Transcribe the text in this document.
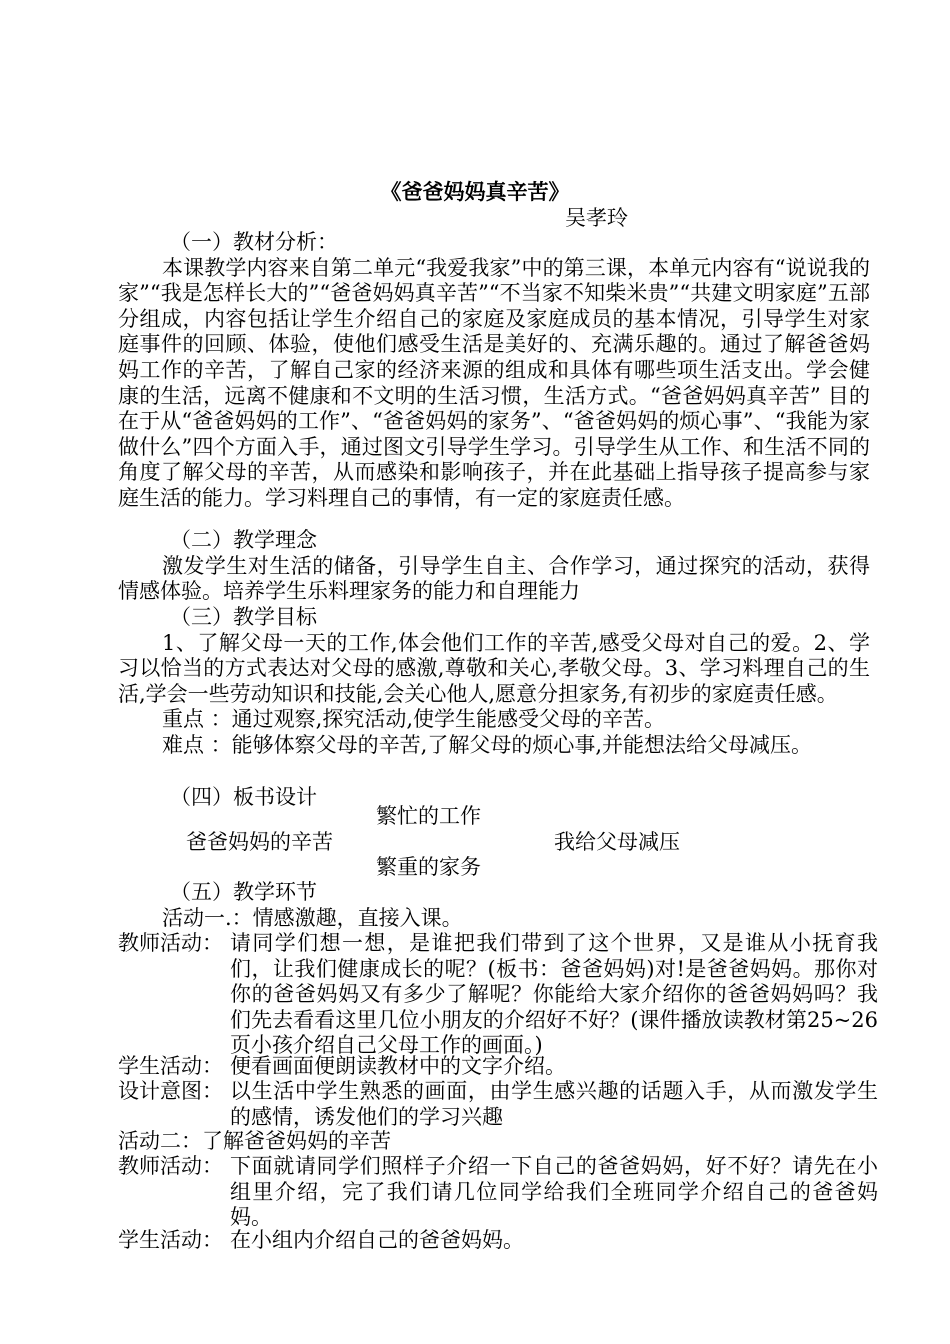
《爸爸妈妈真辛苦》
吴孝玲

（一）教材分析：

本课教学内容来自第二单元“我爱我家”中的第三课，本单元内容有“说说我的家”“我是怎样长大的”“爸爸妈妈真辛苦”“不当家不知柴米贵”“共建文明家庭”五部分组成，内容包括让学生介绍自己的家庭及家庭成员的基本情况，引导学生对家庭事件的回顾、体验，使他们感受生活是美好的、充满乐趣的。通过了解爸爸妈妈工作的辛苦，了解自己家的经济来源的组成和具体有哪些项生活支出。学会健康的生活，远离不健康和不文明的生活习惯，生活方式。“爸爸妈妈真辛苦” 目的在于从“爸爸妈妈的工作”、“爸爸妈妈的家务”、“爸爸妈妈的烦心事”、“我能为家做什么”四个方面入手，通过图文引导学生学习。引导学生从工作、和生活不同的角度了解父母的辛苦，从而感染和影响孩子，并在此基础上指导孩子提高参与家庭生活的能力。学习料理自己的事情，有一定的家庭责任感。

（二）教学理念

激发学生对生活的储备，引导学生自主、合作学习，通过探究的活动，获得情感体验。培养学生乐料理家务的能力和自理能力

（三）教学目标

1、了解父母一天的工作,体会他们工作的辛苦,感受父母对自己的爱。2、学习以恰当的方式表达对父母的感激,尊敬和关心,孝敬父母。3、学习料理自己的生活,学会一些劳动知识和技能,会关心他人,愿意分担家务,有初步的家庭责任感。

重点 ：通过观察,探究活动,使学生能感受父母的辛苦。

难点 ：能够体察父母的辛苦,了解父母的烦心事,并能想法给父母减压。

（四）板书设计

繁忙的工作
爸爸妈妈的辛苦	我给父母减压
繁重的家务

（五）教学环节

活动一.：情感激趣，直接入课。

教师活动： 请同学们想一想，是谁把我们带到了这个世界，又是谁从小抚育我们，让我们健康成长的呢？(板书：爸爸妈妈)对!是爸爸妈妈。那你对你的爸爸妈妈又有多少了解呢？你能给大家介绍你的爸爸妈妈吗？我们先去看看这里几位小朋友的介绍好不好？(课件播放读教材第25~26页小孩介绍自己父母工作的画面。)
学生活动： 便看画面便朗读教材中的文字介绍。
设计意图： 以生活中学生熟悉的画面，由学生感兴趣的话题入手，从而激发学生的感情，诱发他们的学习兴趣
活动二：了解爸爸妈妈的辛苦
教师活动： 下面就请同学们照样子介绍一下自己的爸爸妈妈，好不好？请先在小组里介绍，完了我们请几位同学给我们全班同学介绍自己的爸爸妈妈。
学生活动： 在小组内介绍自己的爸爸妈妈。
